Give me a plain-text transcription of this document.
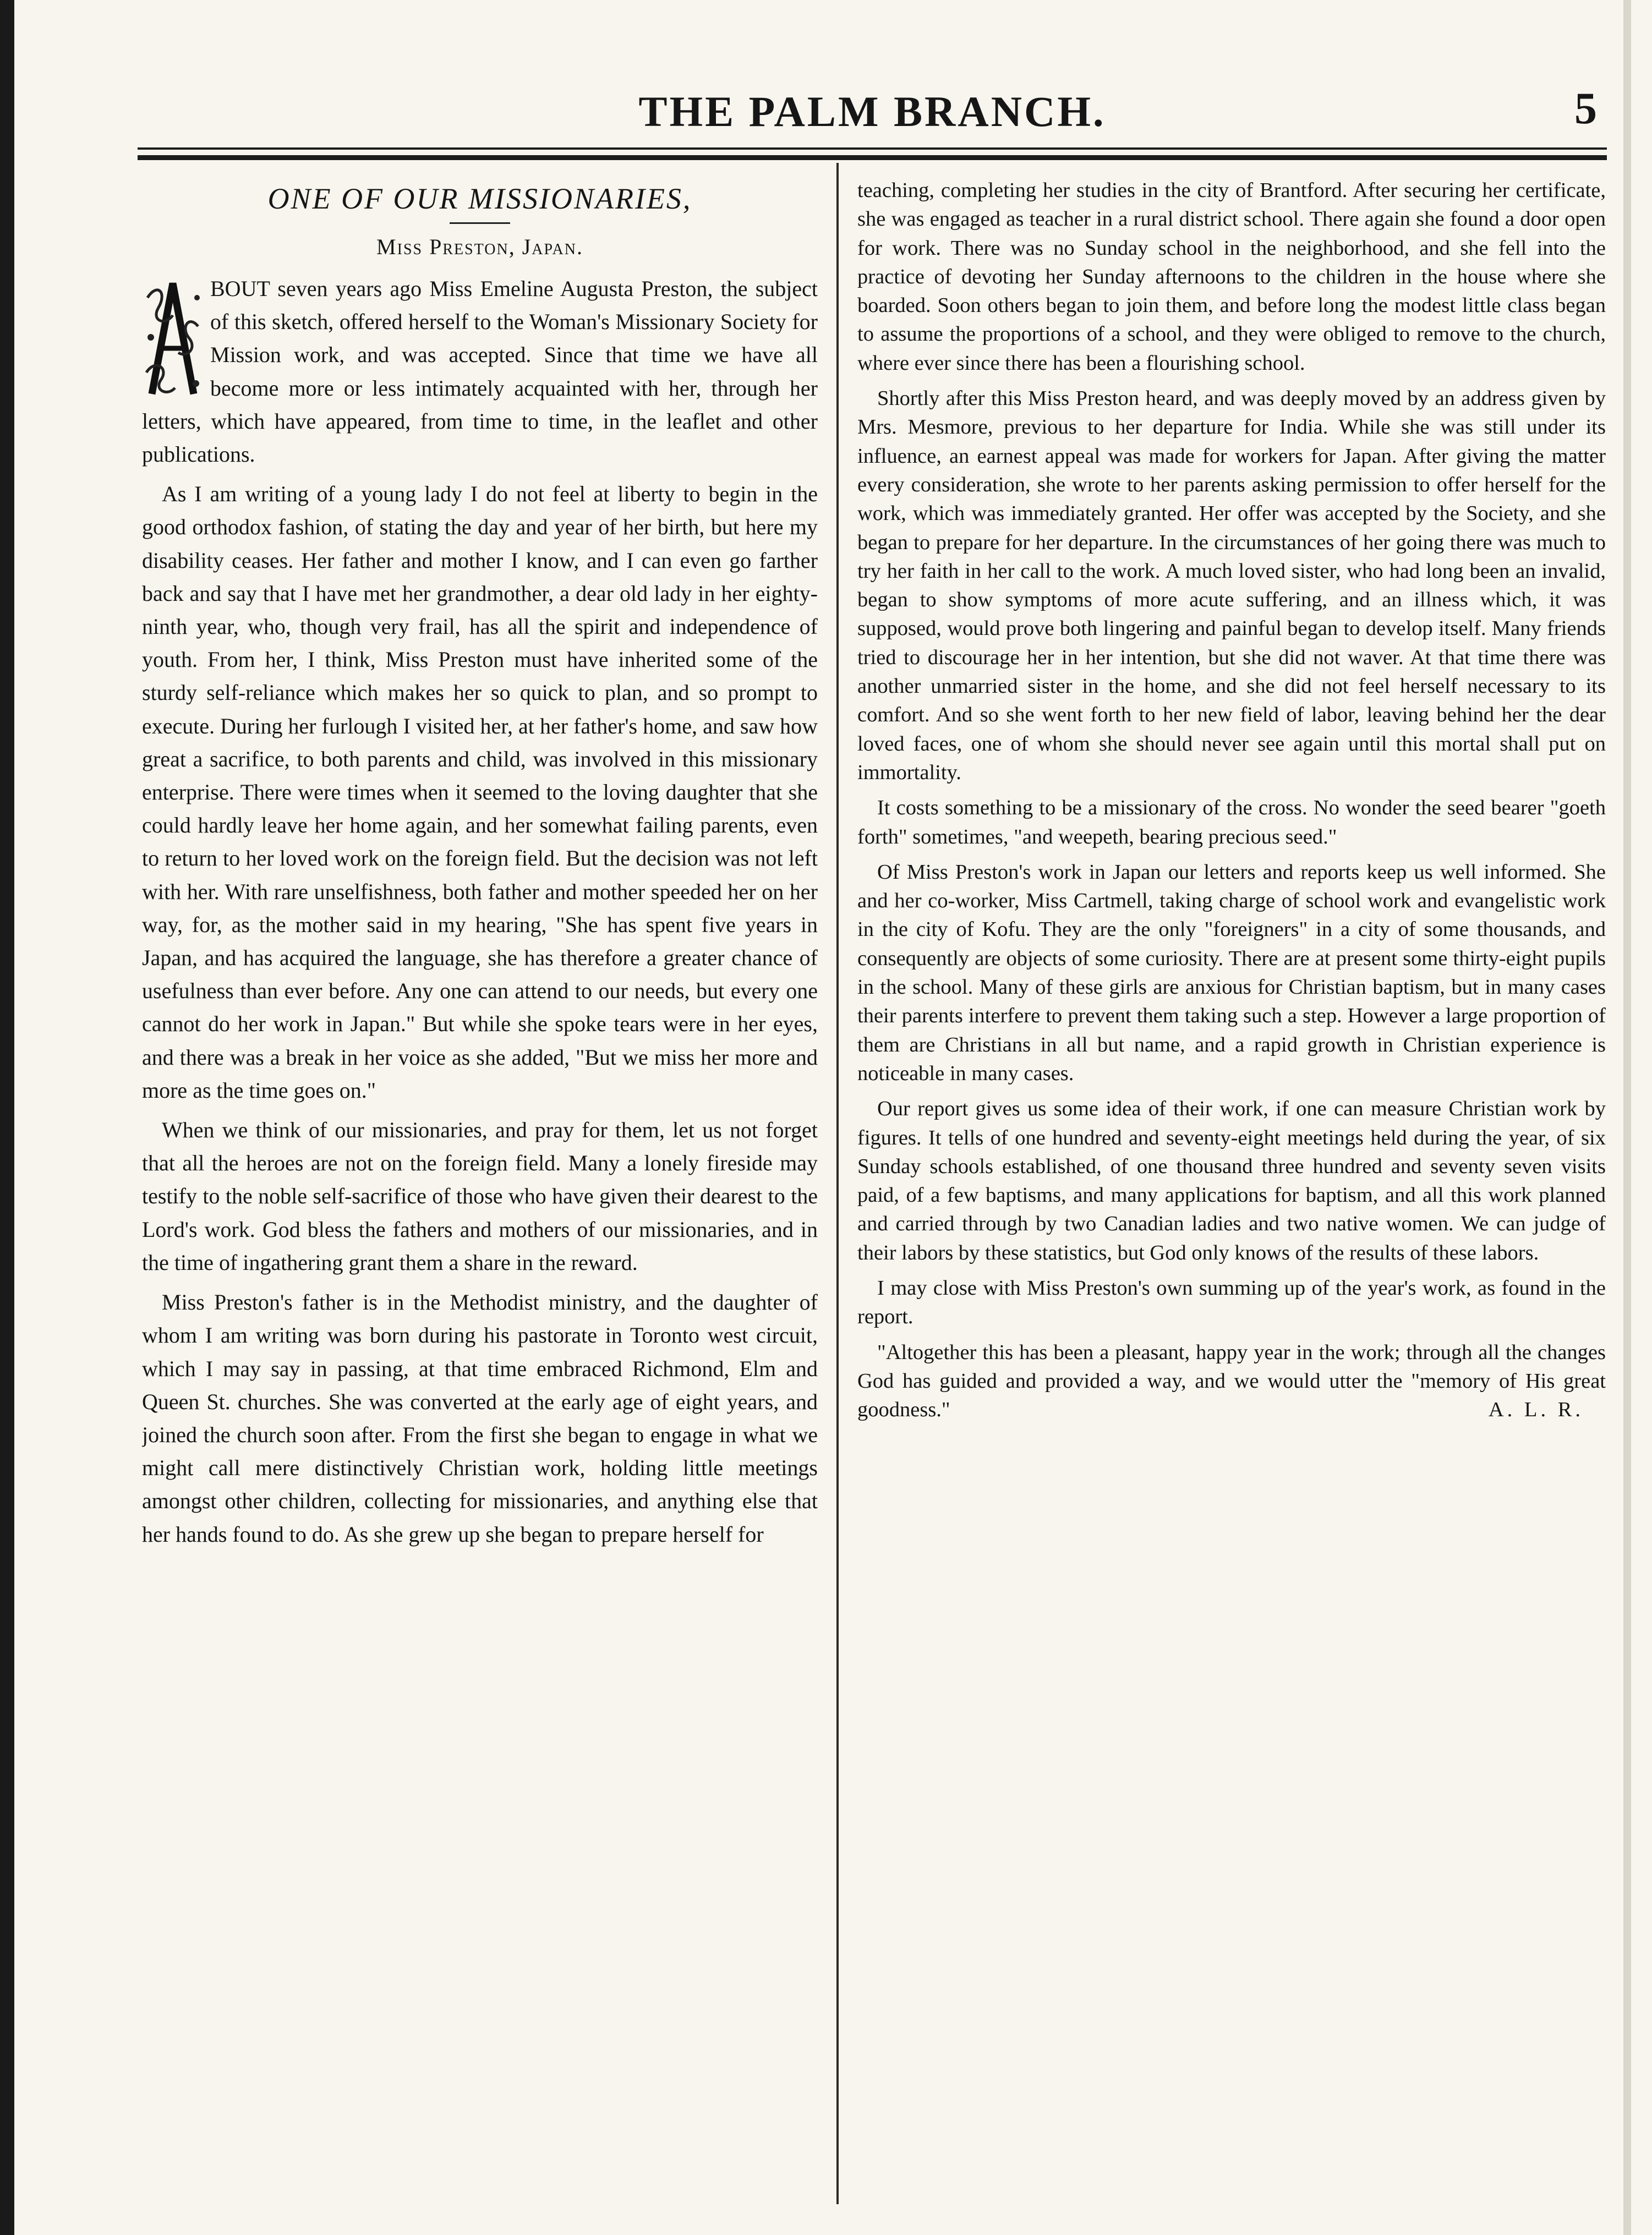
THE PALM BRANCH.	5
ONE OF OUR MISSIONARIES,
Miss Preston, Japan.

BOUT seven years ago Miss Emeline Augusta Preston, the subject of this sketch, offered herself to the Woman's Missionary Society for Mission work, and was accepted. Since that time we have all become more or less intimately acquainted with her, through her letters, which have appeared, from time to time, in the leaflet and other publications.

As I am writing of a young lady I do not feel at liberty to begin in the good orthodox fashion, of stating the day and year of her birth, but here my disability ceases. Her father and mother I know, and I can even go farther back and say that I have met her grandmother, a dear old lady in her eighty-ninth year, who, though very frail, has all the spirit and independence of youth. From her, I think, Miss Preston must have inherited some of the sturdy self-reliance which makes her so quick to plan, and so prompt to execute. During her furlough I visited her, at her father's home, and saw how great a sacrifice, to both parents and child, was involved in this missionary enterprise. There were times when it seemed to the loving daughter that she could hardly leave her home again, and her somewhat failing parents, even to return to her loved work on the foreign field. But the decision was not left with her. With rare unselfishness, both father and mother speeded her on her way, for, as the mother said in my hearing, "She has spent five years in Japan, and has acquired the language, she has therefore a greater chance of usefulness than ever before. Any one can attend to our needs, but every one cannot do her work in Japan." But while she spoke tears were in her eyes, and there was a break in her voice as she added, "But we miss her more and more as the time goes on."

When we think of our missionaries, and pray for them, let us not forget that all the heroes are not on the foreign field. Many a lonely fireside may testify to the noble self-sacrifice of those who have given their dearest to the Lord's work. God bless the fathers and mothers of our missionaries, and in the time of ingathering grant them a share in the reward.

Miss Preston's father is in the Methodist ministry, and the daughter of whom I am writing was born during his pastorate in Toronto west circuit, which I may say in passing, at that time embraced Richmond, Elm and Queen St. churches. She was converted at the early age of eight years, and joined the church soon after. From the first she began to engage in what we might call mere distinctively Christian work, holding little meetings amongst other children, collecting for missionaries, and anything else that her hands found to do. As she grew up she began to prepare herself for

teaching, completing her studies in the city of Brantford. After securing her certificate, she was engaged as teacher in a rural district school. There again she found a door open for work. There was no Sunday school in the neighborhood, and she fell into the practice of devoting her Sunday afternoons to the children in the house where she boarded. Soon others began to join them, and before long the modest little class began to assume the proportions of a school, and they were obliged to remove to the church, where ever since there has been a flourishing school.

Shortly after this Miss Preston heard, and was deeply moved by an address given by Mrs. Mesmore, previous to her departure for India. While she was still under its influence, an earnest appeal was made for workers for Japan. After giving the matter every consideration, she wrote to her parents asking permission to offer herself for the work, which was immediately granted. Her offer was accepted by the Society, and she began to prepare for her departure. In the circumstances of her going there was much to try her faith in her call to the work. A much loved sister, who had long been an invalid, began to show symptoms of more acute suffering, and an illness which, it was supposed, would prove both lingering and painful began to develop itself. Many friends tried to discourage her in her intention, but she did not waver. At that time there was another unmarried sister in the home, and she did not feel herself necessary to its comfort. And so she went forth to her new field of labor, leaving behind her the dear loved faces, one of whom she should never see again until this mortal shall put on immortality.

It costs something to be a missionary of the cross. No wonder the seed bearer "goeth forth" sometimes, "and weepeth, bearing precious seed."

Of Miss Preston's work in Japan our letters and reports keep us well informed. She and her co-worker, Miss Cartmell, taking charge of school work and evangelistic work in the city of Kofu. They are the only "foreigners" in a city of some thousands, and consequently are objects of some curiosity. There are at present some thirty-eight pupils in the school. Many of these girls are anxious for Christian baptism, but in many cases their parents interfere to prevent them taking such a step. However a large proportion of them are Christians in all but name, and a rapid growth in Christian experience is noticeable in many cases.

Our report gives us some idea of their work, if one can measure Christian work by figures. It tells of one hundred and seventy-eight meetings held during the year, of six Sunday schools established, of one thousand three hundred and seventy seven visits paid, of a few baptisms, and many applications for baptism, and all this work planned and carried through by two Canadian ladies and two native women. We can judge of their labors by these statistics, but God only knows of the results of these labors.

I may close with Miss Preston's own summing up of the year's work, as found in the report.

"Altogether this has been a pleasant, happy year in the work; through all the changes God has guided and provided a way, and we would utter the "memory of His great goodness."	A. L. R.
